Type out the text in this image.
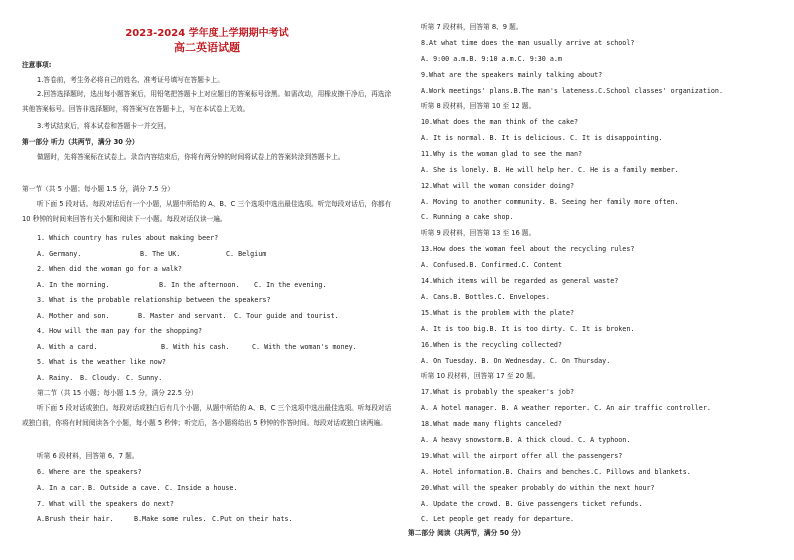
2023-2024 学年度上学期期中考试
高二英语试题
注意事项:
1.答卷前，考生务必将自己的姓名、准考证号填写在答题卡上。
2.回答选择题时，选出每小题答案后，用铅笔把答题卡上对应题目的答案标号涂黑。如需改动，用橡皮擦干净后，再选涂其他答案标号。回答非选择题时，将答案写在答题卡上，写在本试卷上无效。
3.考试结束后，将本试卷和答题卡一并交回。
第一部分 听力（共两节，满分 30 分）
做题时，先将答案标在试卷上。录音内容结束后，你将有两分钟的时间将试卷上的答案转涂到答题卡上。
第一节（共 5 小题；每小题 1.5 分，满分 7.5 分）
听下面 5 段对话。每段对话后有一个小题，从题中所给的 A、B、C 三个选项中选出最佳选项。听完每段对话后，你都有 10 秒钟的时间来回答有关小题和阅读下一小题。每段对话仅读一遍。
1. Which country has rules about making beer?
A. Germany.	B. The UK.	C. Belgium
2. When did the woman go for a walk?
A. In the morning.	B. In the afternoon. C. In the evening.
3. What is the probable relationship between the speakers?
A. Mother and son.	B. Master and servant. C. Tour guide and tourist.
4. How will the man pay for the shopping?
A. With a card.	B. With his cash.	C. With the woman's money.
5. What is the weather like now?
A. Rainy. B. Cloudy. C. Sunny.
第二节（共 15 小题；每小题 1.5 分，满分 22.5 分）
听下面 5 段对话或独白。每段对话或独白后有几个小题，从题中所给的 A、B、C 三个选项中选出最佳选项。听每段对话或独白前，你将有时间阅读各个小题，每小题 5 秒钟；听完后，各小题将给出 5 秒钟的作答时间。每段对话或独白读两遍。
听第 6 段材料，回答第 6、7 题。
6. Where are the speakers?
A. In a car. B. Outside a cave. C. Inside a house.
7. What will the speakers do next?
A.Brush their hair.	B.Make some rules. C.Put on their hats.
听第 7 段材料，回答第 8、9 题。
8.At what time does the man usually arrive at school?
A. 9:00 a.m.B. 9:10 a.m.C. 9:30 a.m
9.What are the speakers mainly talking about?
A.Work meetings' plans.B.The man's lateness.C.School classes' organization.
听第 8 段材料，回答第 10 至 12 题。
10.What does the man think of the cake?
A. It is normal. B. It is delicious. C. It is disappointing.
11.Why is the woman glad to see the man?
A. She is lonely. B. He will help her. C. He is a family member.
12.What will the woman consider doing?
A. Moving to another community. B. Seeing her family more often.
C. Running a cake shop.
听第 9 段材料，回答第 13 至 16 题。
13.How does the woman feel about the recycling rules?
A. Confused.B. Confirmed.C. Content
14.Which items will be regarded as general waste?
A. Cans.B. Bottles.C. Envelopes.
15.What is the problem with the plate?
A. It is too big.B. It is too dirty. C. It is broken.
16.When is the recycling collected?
A. On Tuesday. B. On Wednesday. C. On Thursday.
听第 10 段材料，回答第 17 至 20 题。
17.What is probably the speaker's job?
A. A hotel manager. B. A weather reporter. C. An air traffic controller.
18.What made many flights canceled?
A. A heavy snowstorm.B. A thick cloud. C. A typhoon.
19.What will the airport offer all the passengers?
A. Hotel information.B. Chairs and benches.C. Pillows and blankets.
20.What will the speaker probably do within the next hour?
A. Update the crowd. B. Give passengers ticket refunds.
C. Let people get ready for departure.
第二部分 阅读（共两节，满分 50 分）
